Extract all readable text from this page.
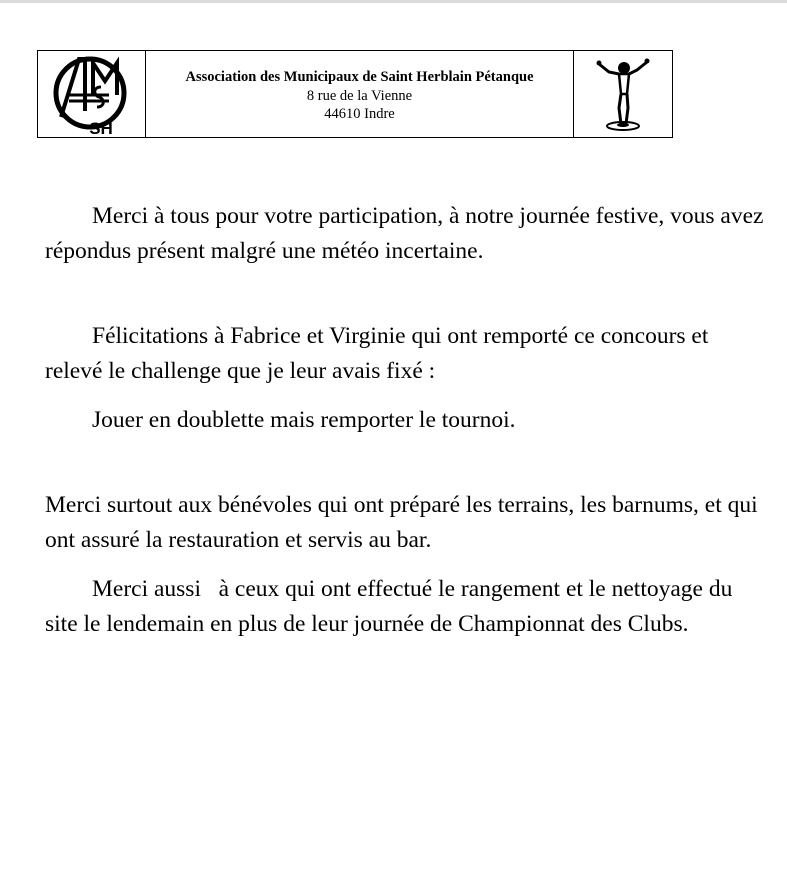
SH
Association des Municipaux de Saint Herblain Pétanque
8 rue de la Vienne
44610 Indre

Merci à tous pour votre participation, à notre journée festive, vous avez répondus présent malgré une météo incertaine.

Félicitations à Fabrice et Virginie qui ont remporté ce concours et relevé le challenge que je leur avais fixé :

Jouer en doublette mais remporter le tournoi.

Merci surtout aux bénévoles qui ont préparé les terrains, les barnums, et qui ont assuré la restauration et servis au bar.

Merci aussi   à ceux qui ont effectué le rangement et le nettoyage du site le lendemain en plus de leur journée de Championnat des Clubs.
